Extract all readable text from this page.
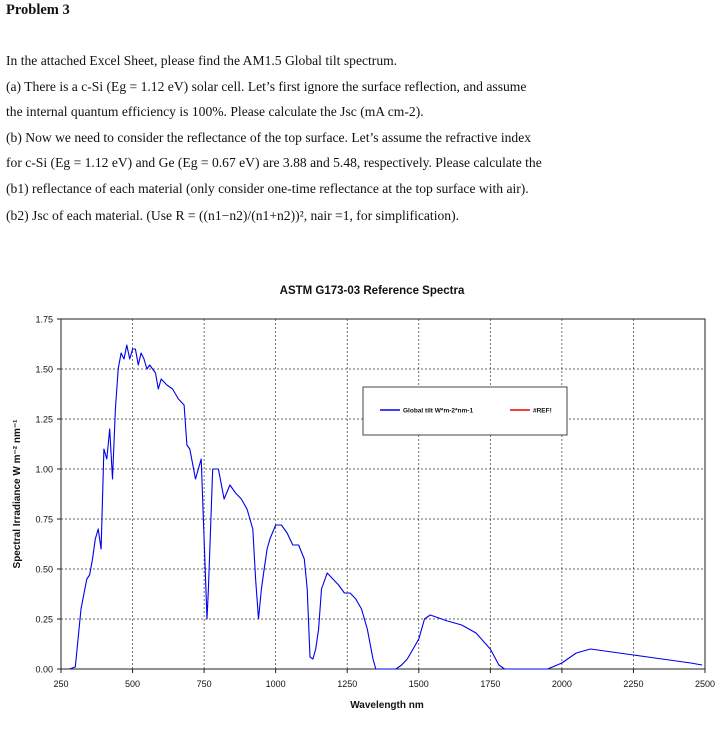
Problem 3
In the attached Excel Sheet, please find the AM1.5 Global tilt spectrum.
(a) There is a c-Si (Eg = 1.12 eV) solar cell. Let’s first ignore the surface reflection, and assume
the internal quantum efficiency is 100%. Please calculate the Jsc (mA cm-2).
(b) Now we need to consider the reflectance of the top surface. Let’s assume the refractive index
for c-Si (Eg = 1.12 eV) and Ge (Eg = 0.67 eV) are 3.88 and 5.48, respectively. Please calculate the
(b1) reflectance of each material (only consider one-time reflectance at the top surface with air).
(b2) Jsc of each material. (Use R = ((n1−n2)/(n1+n2))², nair =1, for simplification).
ASTM G173-03 Reference Spectra
0.00
0.25
0.50
0.75
1.00
1.25
1.50
1.75
250	500	750	1000	1250	1500	1750	2000	2250	2500
Wavelength nm
Spectral Irradiance W m⁻² nm⁻¹
Global tilt W*m-2*nm-1	#REF!
